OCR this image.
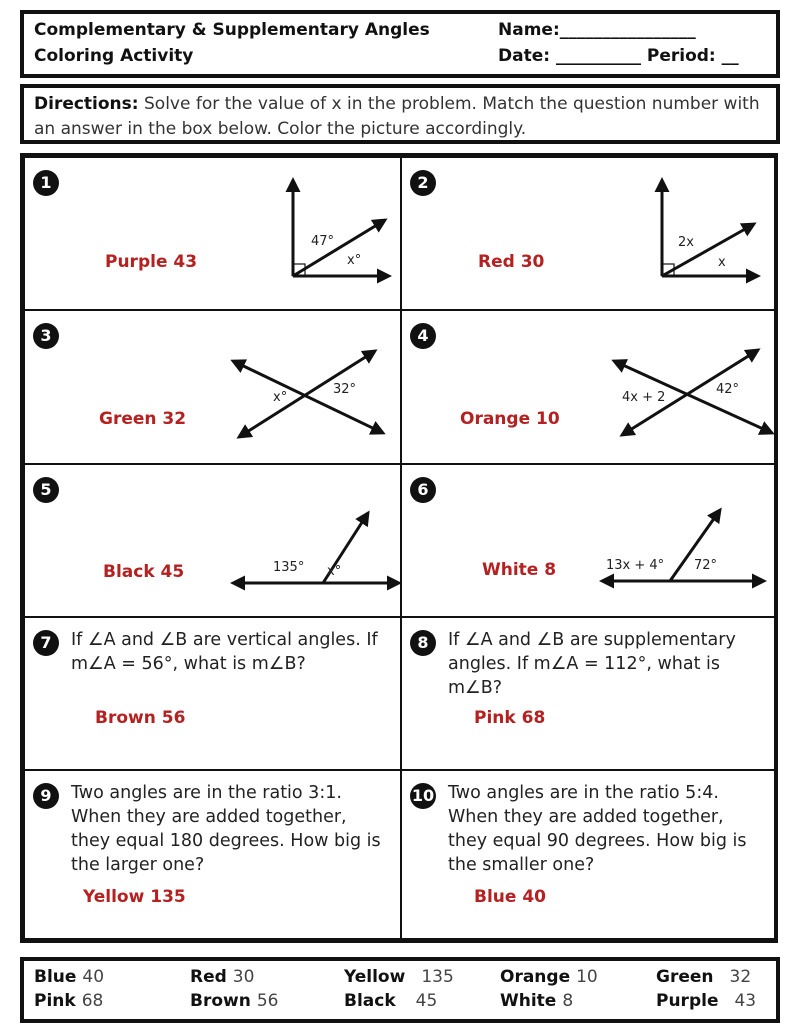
Complementary & Supplementary Angles
Coloring Activity
Name:________________
Date: __________ Period: __
Directions: Solve for the value of x in the problem. Match the question number with an answer in the box below. Color the picture accordingly.
1
Purple 43
47°
x°
2
Red 30
2x
x
3
Green 32
x°
32°
4
Orange 10
4x + 2
42°
5
Black 45	135° x°
6
White 8	13x + 4° 72°
7	If ∠A and ∠B are vertical angles. If m∠A = 56°, what is m∠B?
Brown 56
8	If ∠A and ∠B are supplementary angles. If m∠A = 112°, what is m∠B?
Pink 68
9	Two angles are in the ratio 3:1. When they are added together, they equal 180 degrees. How big is the larger one?
Yellow 135
10 Two angles are in the ratio 5:4. When they are added together, they equal 90 degrees. How big is the smaller one?
Blue 40
Blue 40	Red 30	Yellow 135	Orange 10	Green 32
Pink 68	Brown 56	Black 45	White 8	Purple 43
